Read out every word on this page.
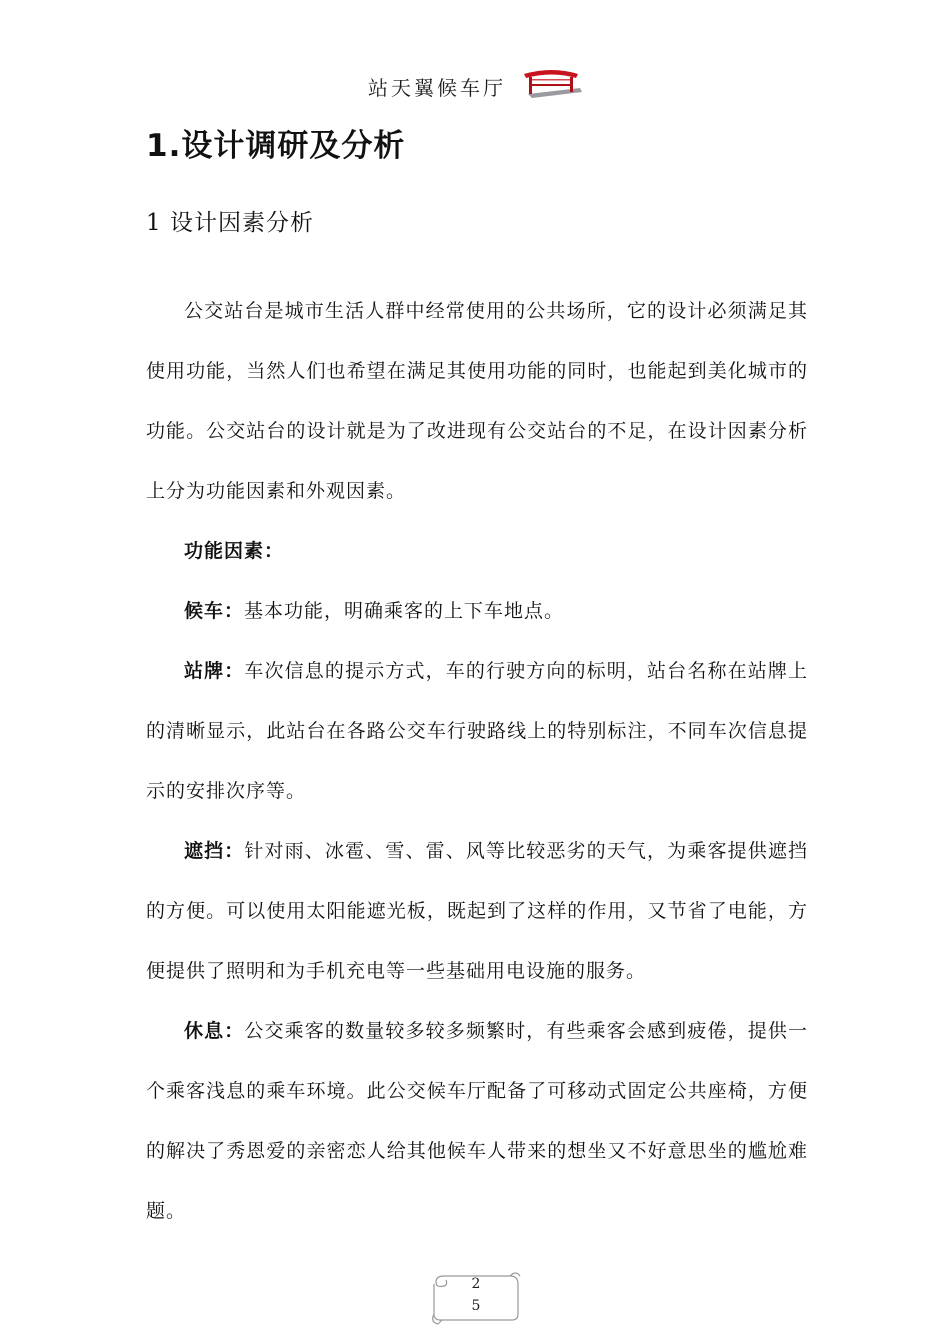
站天翼候车厅
1.设计调研及分析
1 设计因素分析

公交站台是城市生活人群中经常使用的公共场所，它的设计必须满足其使用功能，当然人们也希望在满足其使用功能的同时，也能起到美化城市的功能。公交站台的设计就是为了改进现有公交站台的不足，在设计因素分析上分为功能因素和外观因素。

功能因素：

候车：基本功能，明确乘客的上下车地点。

站牌：车次信息的提示方式，车的行驶方向的标明，站台名称在站牌上的清晰显示，此站台在各路公交车行驶路线上的特别标注，不同车次信息提示的安排次序等。

遮挡：针对雨、冰雹、雪、雷、风等比较恶劣的天气，为乘客提供遮挡的方便。可以使用太阳能遮光板，既起到了这样的作用，又节省了电能，方便提供了照明和为手机充电等一些基础用电设施的服务。

休息：公交乘客的数量较多较多频繁时，有些乘客会感到疲倦，提供一个乘客浅息的乘车环境。此公交候车厅配备了可移动式固定公共座椅，方便的解决了秀恩爱的亲密恋人给其他候车人带来的想坐又不好意思坐的尴尬难题。

2
5
